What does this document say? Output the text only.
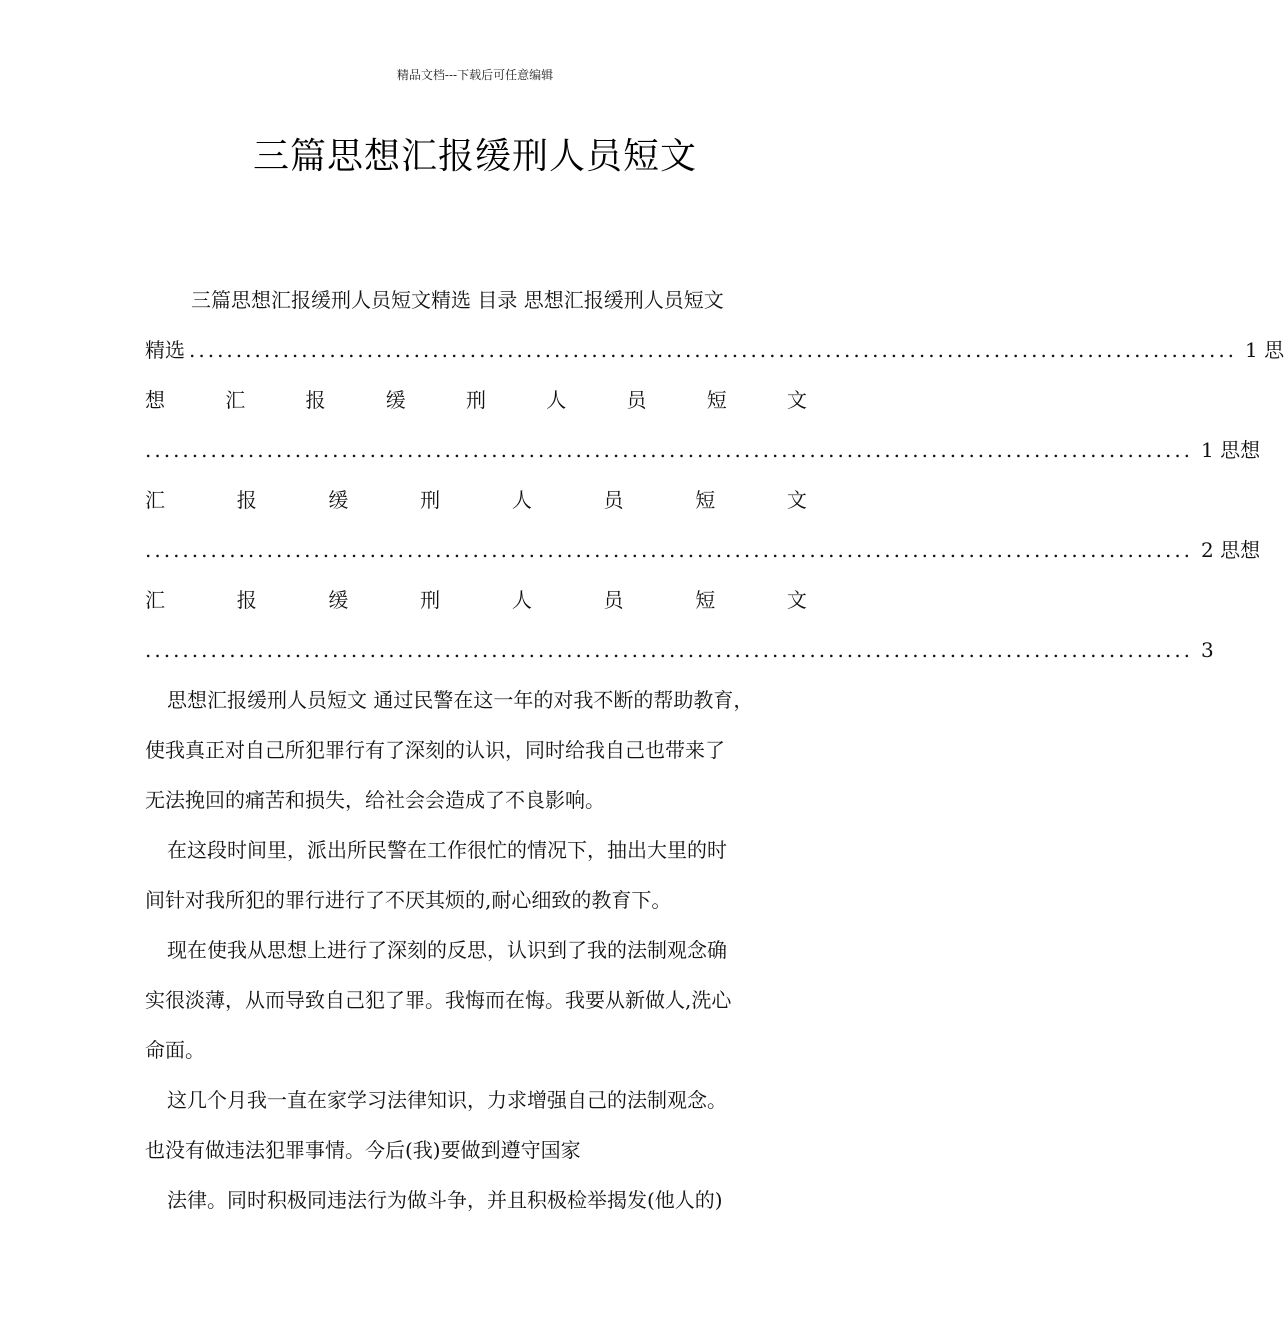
精品文档---下载后可任意编辑
三篇思想汇报缓刑人员短文
三篇思想汇报缓刑人员短文精选 目录 思想汇报缓刑人员短文
精选 ................................................................................................................ 1 思
想	汇	报	缓	刑	人	员	短	文
................................................................................................................ 1 思想
汇	报	缓	刑	人	员	短	文
................................................................................................................ 2 思想
汇	报	缓	刑	人	员	短	文
................................................................................................................ 3
思想汇报缓刑人员短文 通过民警在这一年的对我不断的帮助教育，
使我真正对自己所犯罪行有了深刻的认识，同时给我自己也带来了
无法挽回的痛苦和损失，给社会会造成了不良影响。
在这段时间里，派出所民警在工作很忙的情况下，抽出大里的时
间针对我所犯的罪行进行了不厌其烦的,耐心细致的教育下。
现在使我从思想上进行了深刻的反思，认识到了我的法制观念确
实很淡薄，从而导致自己犯了罪。我悔而在悔。我要从新做人,洗心
命面。
这几个月我一直在家学习法律知识，力求增强自己的法制观念。
也没有做违法犯罪事情。今后(我)要做到遵守国家
法律。同时积极同违法行为做斗争，并且积极检举揭发(他人的)
